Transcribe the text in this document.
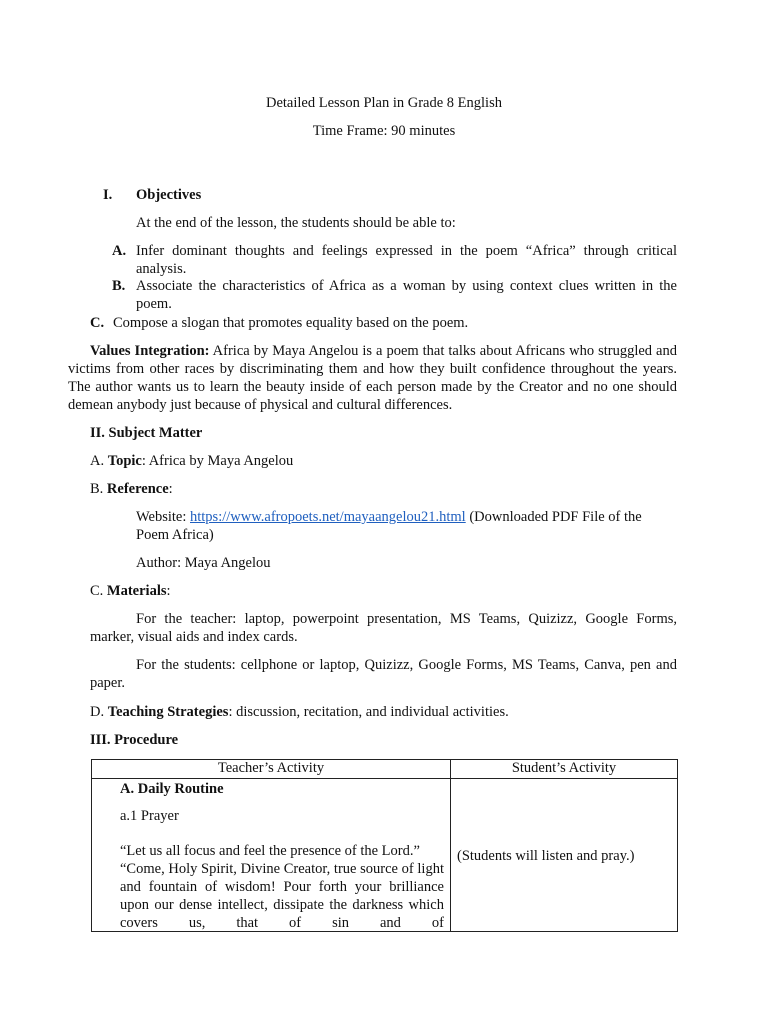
Detailed Lesson Plan in Grade 8 English
Time Frame: 90 minutes
I. Objectives
At the end of the lesson, the students should be able to:
A. Infer dominant thoughts and feelings expressed in the poem “Africa” through critical analysis.
B. Associate the characteristics of Africa as a woman by using context clues written in the poem.
C. Compose a slogan that promotes equality based on the poem.
Values Integration: Africa by Maya Angelou is a poem that talks about Africans who struggled and victims from other races by discriminating them and how they built confidence throughout the years. The author wants us to learn the beauty inside of each person made by the Creator and no one should demean anybody just because of physical and cultural differences.
II. Subject Matter
A. Topic: Africa by Maya Angelou
B. Reference:
Website: https://www.afropoets.net/mayaangelou21.html (Downloaded PDF File of the Poem Africa)
Author: Maya Angelou
C. Materials:
For the teacher: laptop, powerpoint presentation, MS Teams, Quizizz, Google Forms, marker, visual aids and index cards.
For the students: cellphone or laptop, Quizizz, Google Forms, MS Teams, Canva, pen and paper.
D. Teaching Strategies: discussion, recitation, and individual activities.
III. Procedure
Teacher’s Activity	Student’s Activity

A. Daily Routine
a.1 Prayer
“Let us all focus and feel the presence of the Lord.”
“Come, Holy Spirit, Divine Creator, true source of light and fountain of wisdom! Pour forth your brilliance upon our dense intellect, dissipate the darkness which covers us, that of sin and of	(Students will listen and pray.)
